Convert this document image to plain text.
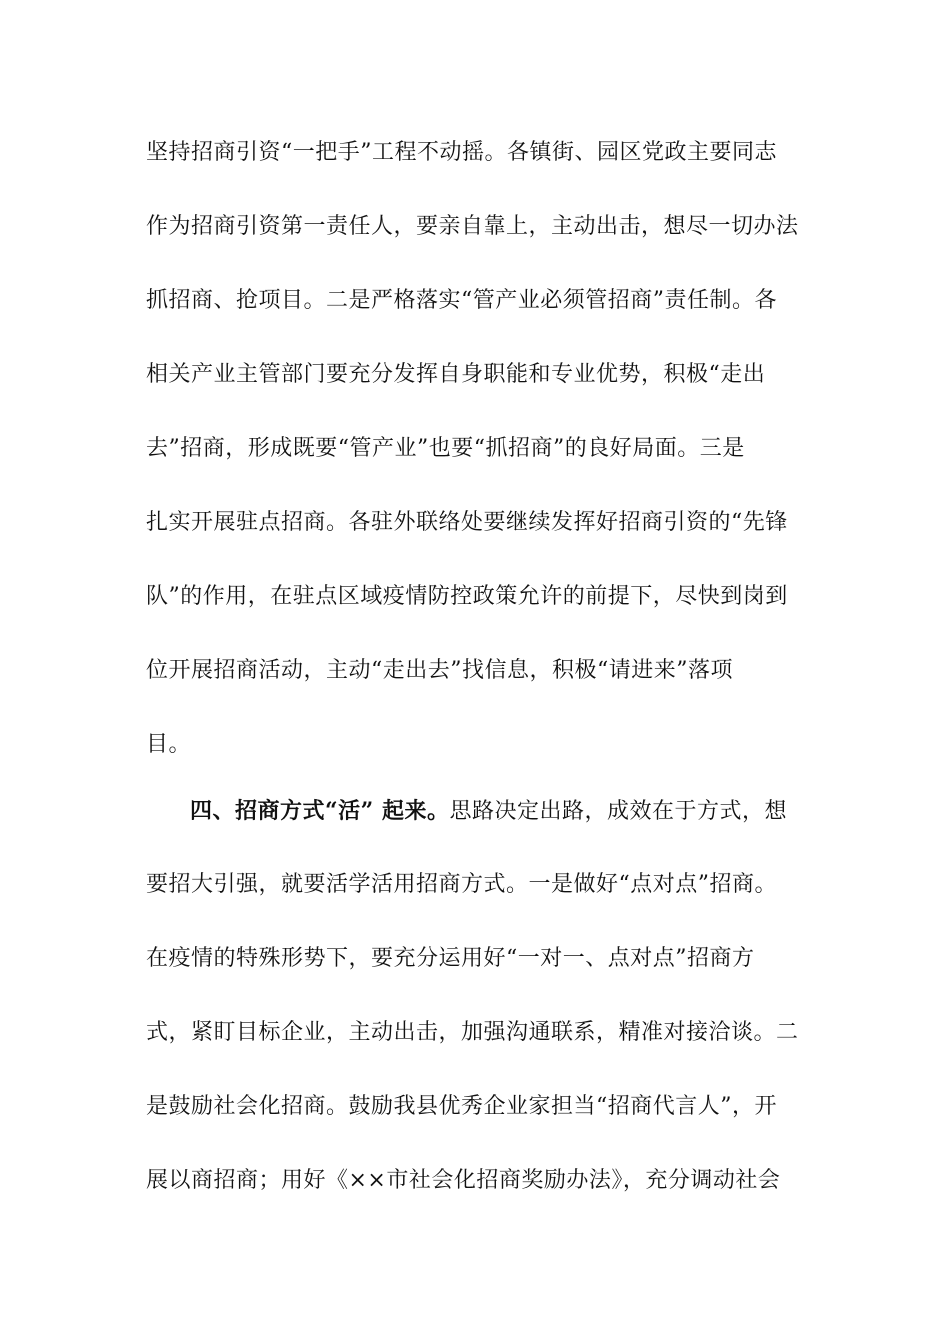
坚持招商引资“一把手”工程不动摇。各镇街、园区党政主要同志
作为招商引资第一责任人，要亲自靠上，主动出击，想尽一切办法
抓招商、抢项目。二是严格落实“管产业必须管招商”责任制。各
相关产业主管部门要充分发挥自身职能和专业优势，积极“走出
去”招商，形成既要“管产业”也要“抓招商”的良好局面。三是
扎实开展驻点招商。各驻外联络处要继续发挥好招商引资的“先锋
队”的作用，在驻点区域疫情防控政策允许的前提下，尽快到岗到
位开展招商活动，主动“走出去”找信息，积极“请进来”落项
目。
四、招商方式“活” 起来。思路决定出路，成效在于方式，想
要招大引强，就要活学活用招商方式。一是做好“点对点”招商。
在疫情的特殊形势下，要充分运用好“一对一、点对点”招商方
式，紧盯目标企业，主动出击，加强沟通联系，精准对接洽谈。二
是鼓励社会化招商。鼓励我县优秀企业家担当“招商代言人”，开
展以商招商；用好《××市社会化招商奖励办法》，充分调动社会
